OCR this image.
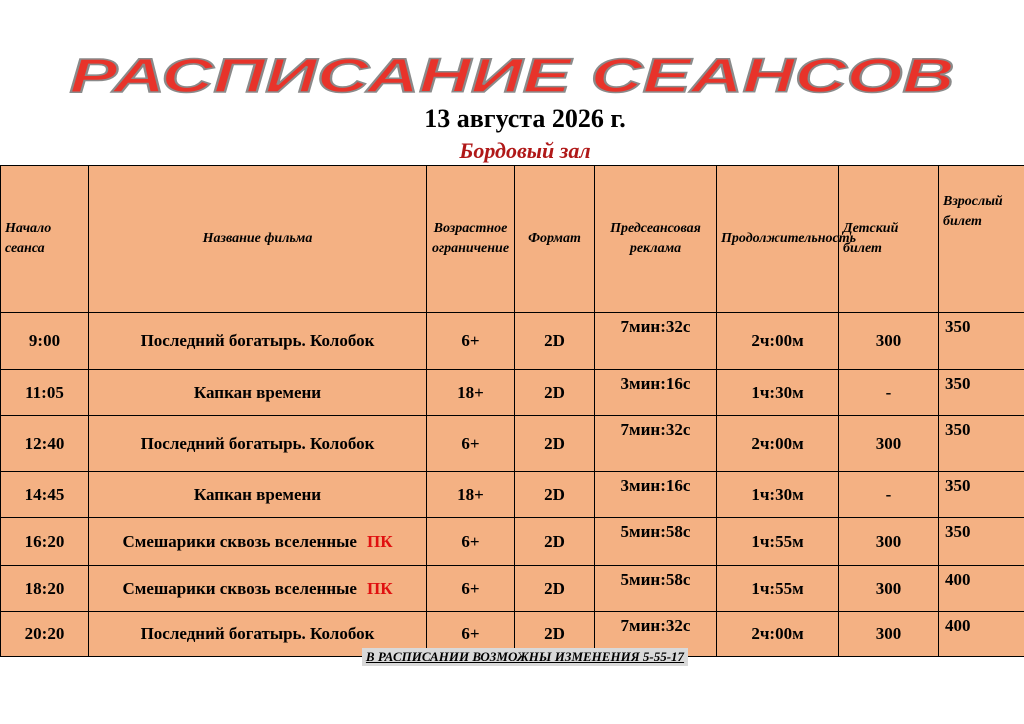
РАСПИСАНИЕ СЕАНСОВ
13 августа 2026 г.
Бордовый зал
Начало сеанса	Название фильма	Возрастное ограничение	Формат	Предсеансовая реклама	Продолжительность	Детский билет	Взрослый билет
9:00	Последний богатырь. Колобок	6+	2D	7мин:32с	2ч:00м	300	350
11:05	Капкан времени	18+	2D	3мин:16с	1ч:30м	-	350
12:40	Последний богатырь. Колобок	6+	2D	7мин:32с	2ч:00м	300	350
14:45	Капкан времени	18+	2D	3мин:16с	1ч:30м	-	350
16:20	Смешарики сквозь вселенные ПК	6+	2D	5мин:58с	1ч:55м	300	350
18:20	Смешарики сквозь вселенные ПК	6+	2D	5мин:58с	1ч:55м	300	400
20:20	Последний богатырь. Колобок	6+	2D	7мин:32с	2ч:00м	300	400
В РАСПИСАНИИ ВОЗМОЖНЫ ИЗМЕНЕНИЯ 5-55-17
